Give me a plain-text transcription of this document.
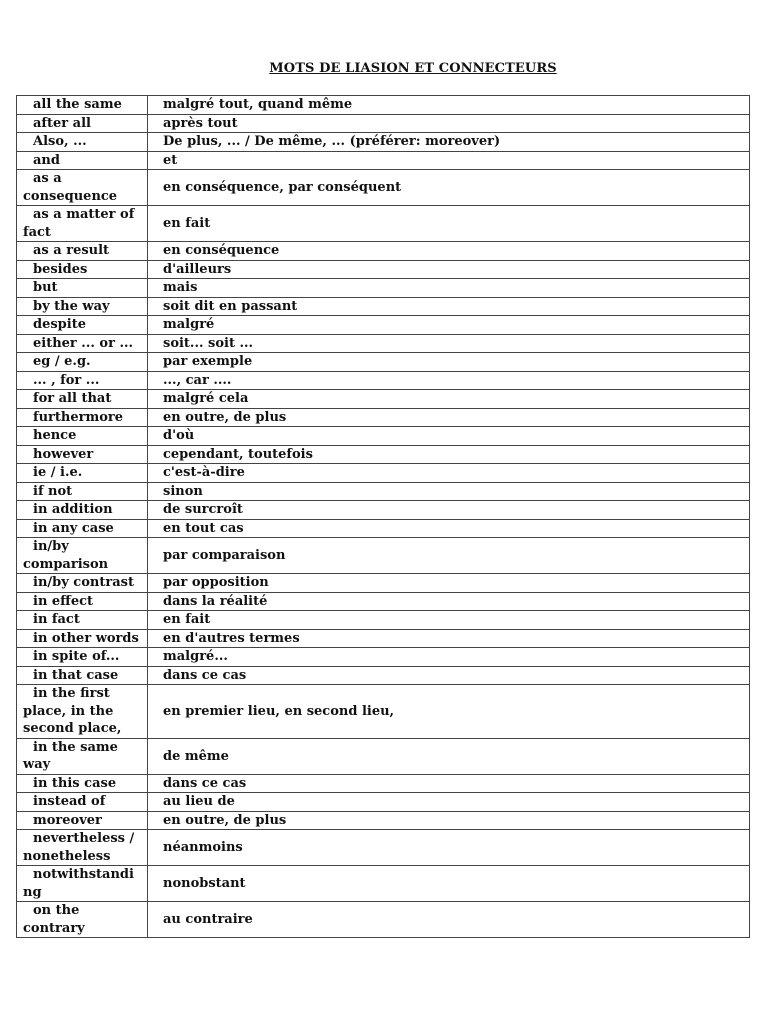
MOTS DE LIASION ET CONNECTEURS
all the same	malgré tout, quand même

after all	après tout

Also, ...	De plus, ... / De même, ... (préférer: moreover)

and	et

as a consequence	en conséquence, par conséquent

as a matter of fact	en fait

as a result	en conséquence

besides	d'ailleurs

but	mais

by the way	soit dit en passant

despite	malgré

either ... or ...	soit... soit ...

eg / e.g.	par exemple

... , for ...	..., car ....

for all that	malgré cela

furthermore	en outre, de plus

hence	d'où

however	cependant, toutefois

ie / i.e.	c'est-à-dire

if not	sinon

in addition	de surcroît

in any case	en tout cas

in/by comparison	par comparaison

in/by contrast	par opposition

in effect	dans la réalité

in fact	en fait

in other words	en d'autres termes

in spite of...	malgré...

in that case	dans ce cas

in the first place, in the second place,	en premier lieu, en second lieu,

in the same way	de même

in this case	dans ce cas

instead of	au lieu de

moreover	en outre, de plus

nevertheless / nonetheless	néanmoins

notwithstanding	nonobstant

on the contrary	au contraire
